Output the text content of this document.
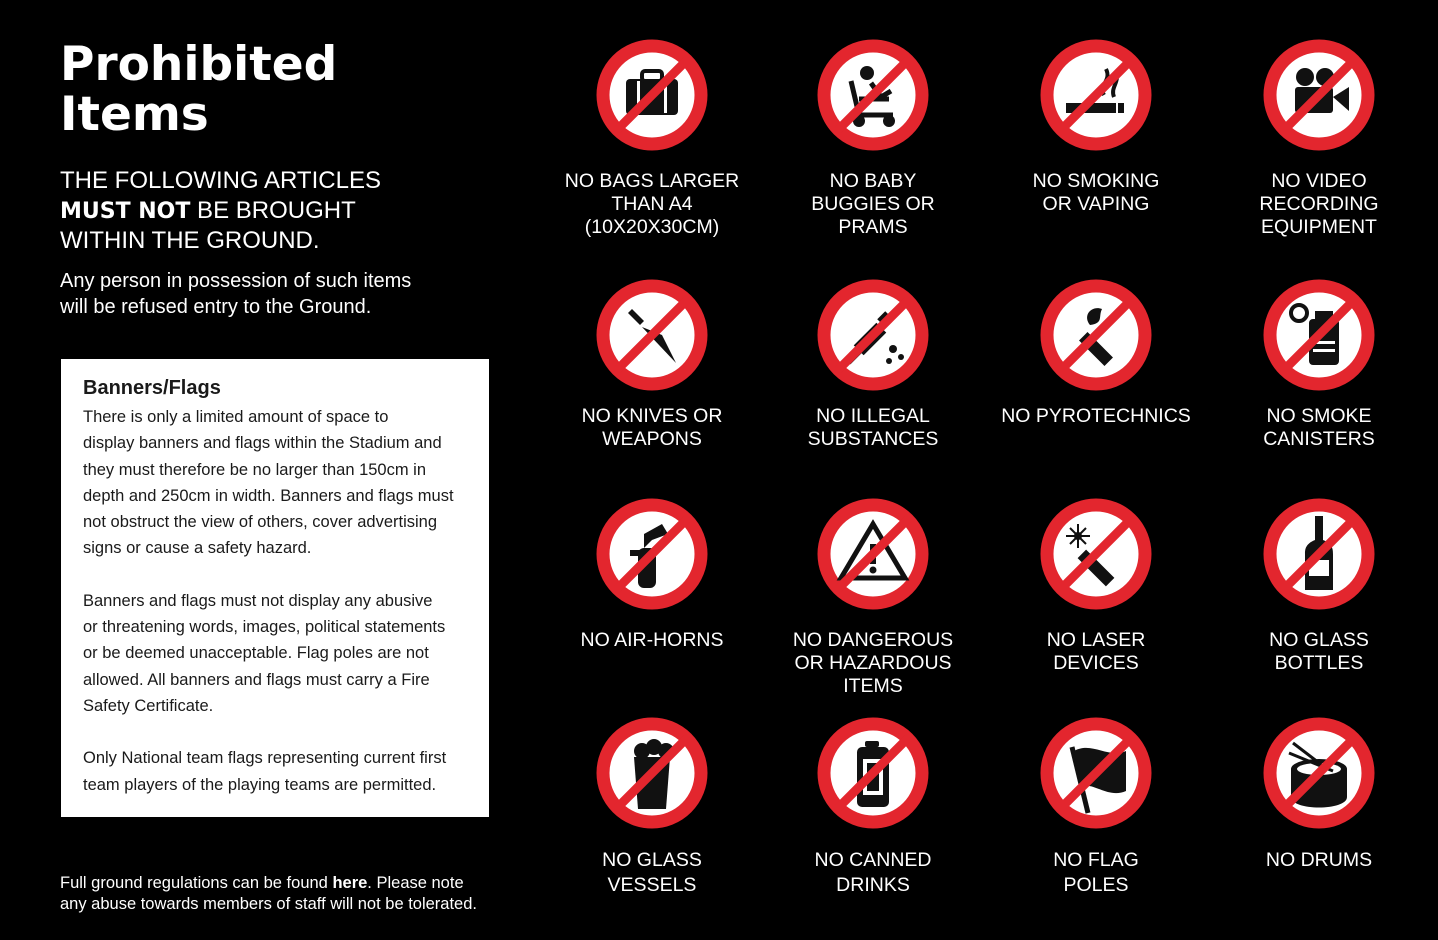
Prohibited
Items
THE FOLLOWING ARTICLES
MUST NOT BE BROUGHT
WITHIN THE GROUND.
Any person in possession of such items
will be refused entry to the Ground.
Banners/Flags
There is only a limited amount of space to
display banners and flags within the Stadium and
they must therefore be no larger than 150cm in
depth and 250cm in width. Banners and flags must
not obstruct the view of others, cover advertising
signs or cause a safety hazard.
Banners and flags must not display any abusive
or threatening words, images, political statements
or be deemed unacceptable. Flag poles are not
allowed. All banners and flags must carry a Fire
Safety Certificate.
Only National team flags representing current first
team players of the playing teams are permitted.
Full ground regulations can be found here. Please note
any abuse towards members of staff will not be tolerated.
NO BAGS LARGER
THAN A4
(10X20X30CM)
NO BABY
BUGGIES OR
PRAMS
NO SMOKING
OR VAPING
NO VIDEO
RECORDING
EQUIPMENT
NO KNIVES OR
WEAPONS
NO ILLEGAL
SUBSTANCES
NO PYROTECHNICS	NO SMOKE
CANISTERS
NO AIR-HORNS	NO DANGEROUS
OR HAZARDOUS
ITEMS
NO LASER
DEVICES
NO GLASS
BOTTLES
NO GLASS
VESSELS
NO CANNED
DRINKS
NO FLAG
POLES
NO DRUMS
